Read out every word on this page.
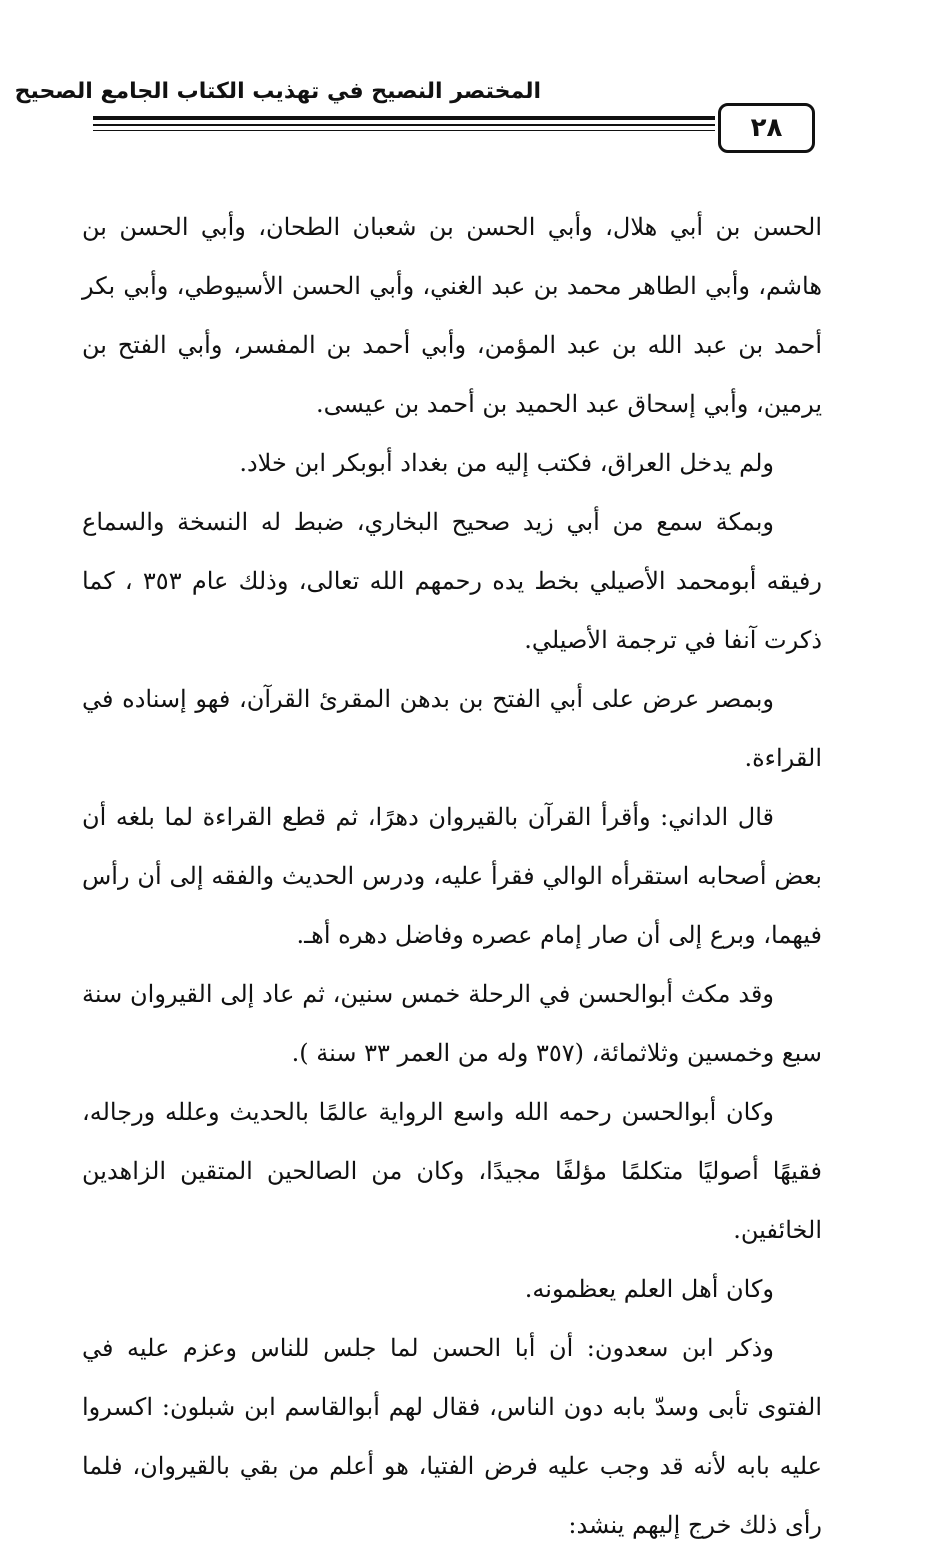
المختصر النصيح في تهذيب الكتاب الجامع الصحيح
٢٨

الحسن بن أبي هلال، وأبي الحسن بن شعبان الطحان، وأبي الحسن بن هاشم، وأبي الطاهر محمد بن عبد الغني، وأبي الحسن الأسيوطي، وأبي بكر أحمد بن عبد الله بن عبد المؤمن، وأبي أحمد بن المفسر، وأبي الفتح بن يرمين، وأبي إسحاق عبد الحميد بن أحمد بن عيسى.

ولم يدخل العراق، فكتب إليه من بغداد أبوبكر ابن خلاد.

وبمكة سمع من أبي زيد صحيح البخاري، ضبط له النسخة والسماع رفيقه أبومحمد الأصيلي بخط يده رحمهم الله تعالى، وذلك عام ٣٥٣ ، كما ذكرت آنفا في ترجمة الأصيلي.

وبمصر عرض على أبي الفتح بن بدهن المقرئ القرآن، فهو إسناده في القراءة.

قال الداني: وأقرأ القرآن بالقيروان دهرًا، ثم قطع القراءة لما بلغه أن بعض أصحابه استقرأه الوالي فقرأ عليه، ودرس الحديث والفقه إلى أن رأس فيهما، وبرع إلى أن صار إمام عصره وفاضل دهره أهـ.

وقد مكث أبوالحسن في الرحلة خمس سنين، ثم عاد إلى القيروان سنة سبع وخمسين وثلاثمائة، (٣٥٧ وله من العمر ٣٣ سنة ).

وكان أبوالحسن رحمه الله واسع الرواية عالمًا بالحديث وعلله ورجاله، فقيهًا أصوليًا متكلمًا مؤلفًا مجيدًا، وكان من الصالحين المتقين الزاهدين الخائفين.

وكان أهل العلم يعظمونه.

وذكر ابن سعدون: أن أبا الحسن لما جلس للناس وعزم عليه في الفتوى تأبى وسدّ بابه دون الناس، فقال لهم أبوالقاسم ابن شبلون: اكسروا عليه بابه لأنه قد وجب عليه فرض الفتيا، هو أعلم من بقي بالقيروان، فلما رأى ذلك خرج إليهم ينشد:
